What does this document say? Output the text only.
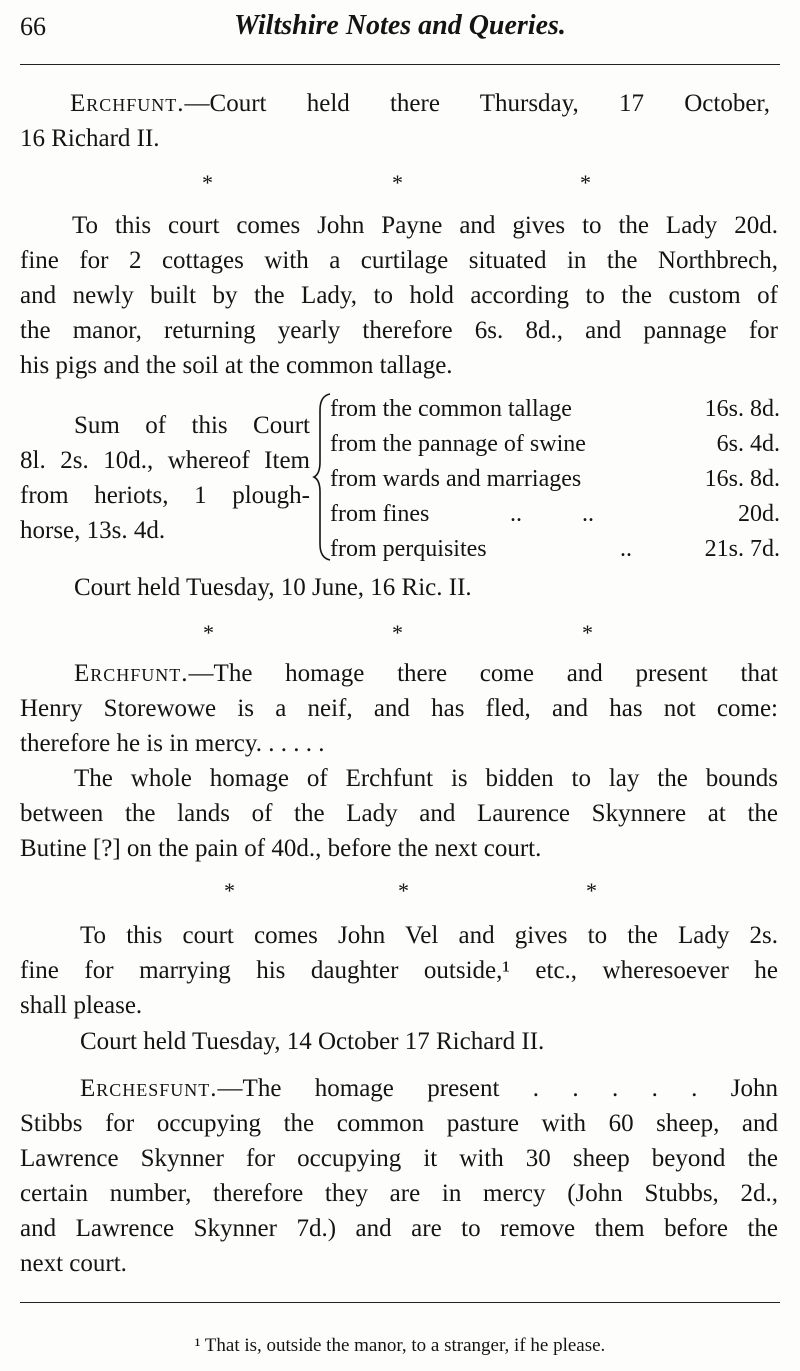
66	Wiltshire Notes and Queries.
Erchfunt.—Court held there Thursday, 17 October,
16 Richard II.
*	*	*
To this court comes John Payne and gives to the Lady 20d.
fine for 2 cottages with a curtilage situated in the Northbrech,
and newly built by the Lady, to hold according to the custom of
the manor, returning yearly therefore 6s. 8d., and pannage for
his pigs and the soil at the common tallage.
Sum of this Court
8l. 2s. 10d., whereof Item
from heriots, 1 plough-
horse, 13s. 4d.
from the common tallage	16s. 8d.
from the pannage of swine	6s. 4d.
from wards and marriages	16s. 8d.
from fines	..          ..	20d.
from perquisites	..	21s. 7d.
Court held Tuesday, 10 June, 16 Ric. II.
*	*	*
Erchfunt.—The homage there come and present that
Henry Storewowe is a neif, and has fled, and has not come:
therefore he is in mercy. . . . . .
The whole homage of Erchfunt is bidden to lay the bounds
between the lands of the Lady and Laurence Skynnere at the
Butine [?] on the pain of 40d., before the next court.
*	*	*
To this court comes John Vel and gives to the Lady 2s.
fine for marrying his daughter outside,¹ etc., wheresoever he
shall please.
Court held Tuesday, 14 October 17 Richard II.
Erchesfunt.—The homage present . . . . . John
Stibbs for occupying the common pasture with 60 sheep, and
Lawrence Skynner for occupying it with 30 sheep beyond the
certain number, therefore they are in mercy (John Stubbs, 2d.,
and Lawrence Skynner 7d.) and are to remove them before the
next court.
¹ That is, outside the manor, to a stranger, if he please.
